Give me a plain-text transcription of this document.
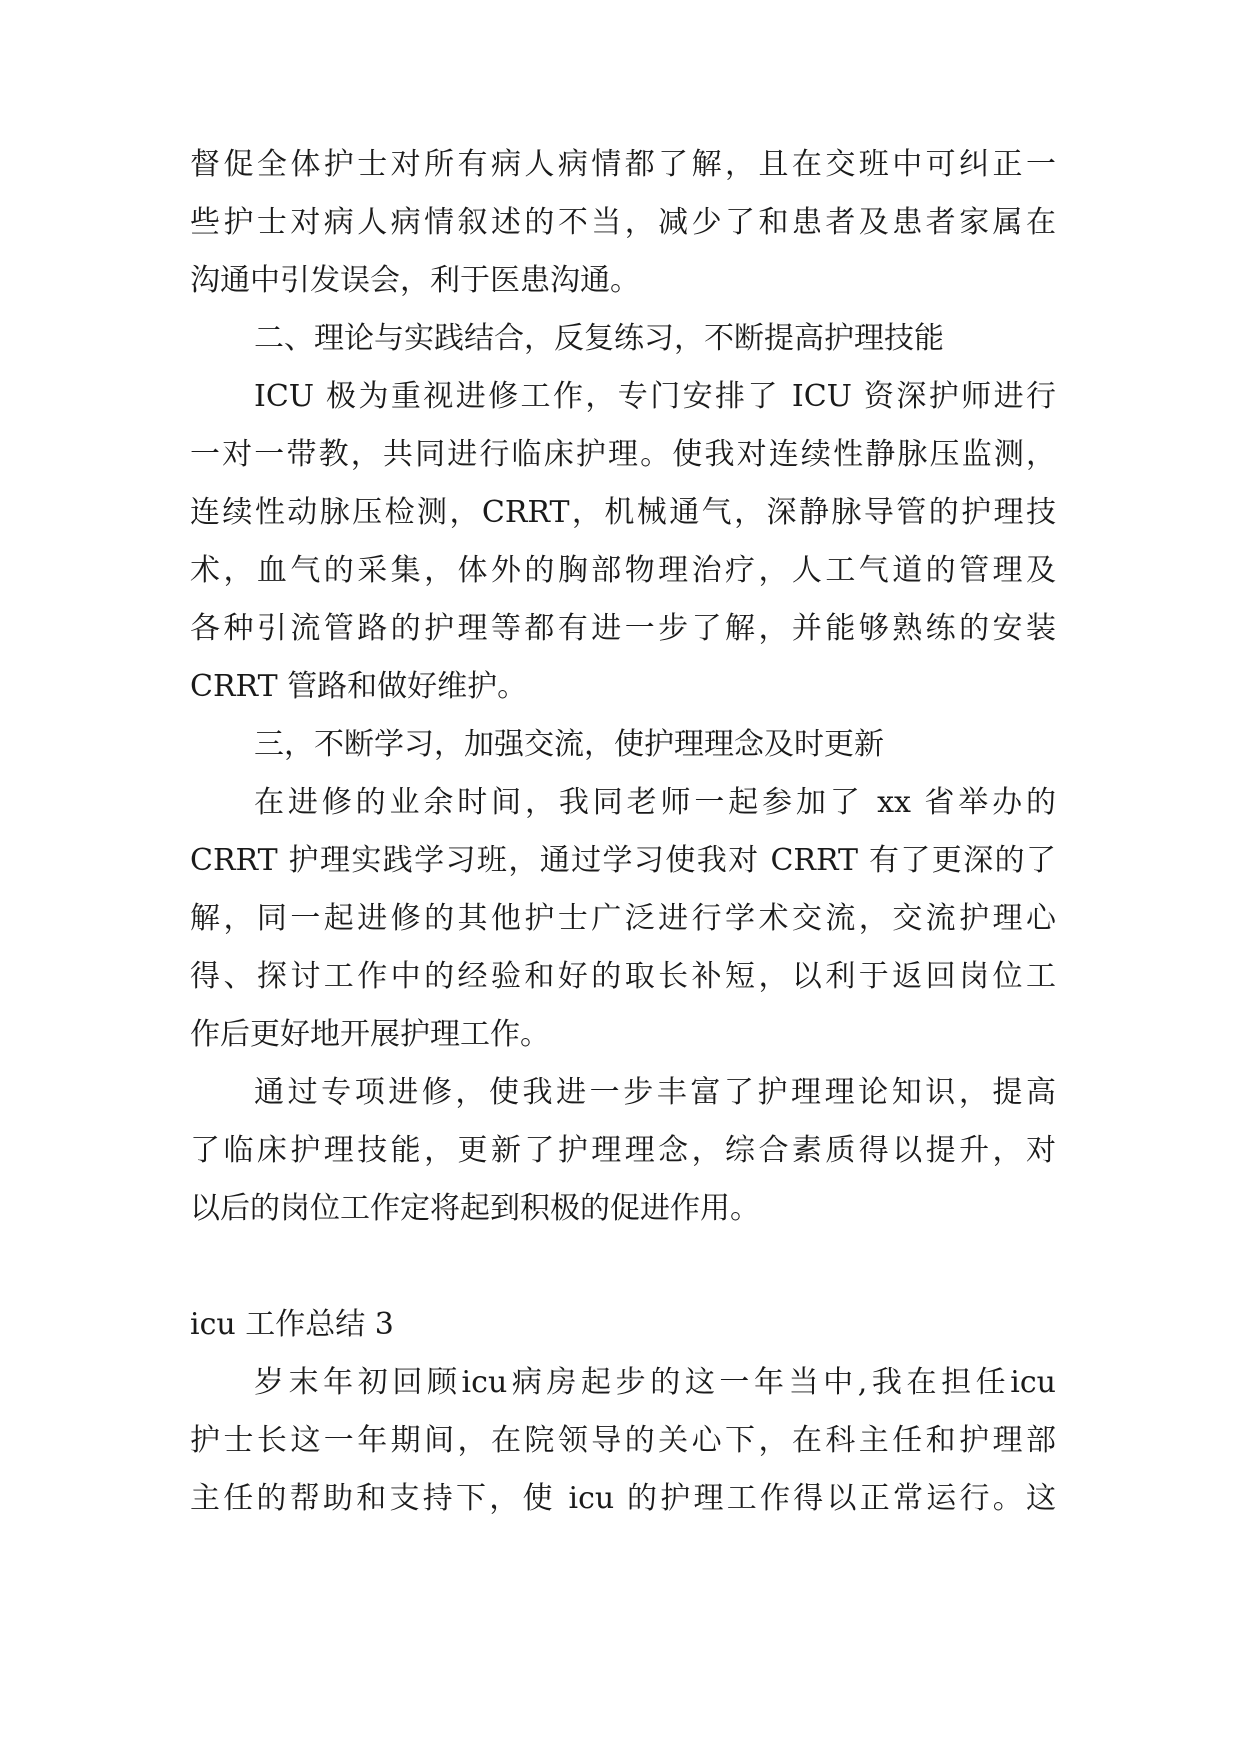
督促全体护士对所有病人病情都了解，且在交班中可纠正一
些护士对病人病情叙述的不当，减少了和患者及患者家属在
沟通中引发误会，利于医患沟通。
二、理论与实践结合，反复练习，不断提高护理技能
ICU 极为重视进修工作，专门安排了 ICU 资深护师进行
一对一带教，共同进行临床护理。使我对连续性静脉压监测，
连续性动脉压检测，CRRT，机械通气，深静脉导管的护理技
术，血气的采集，体外的胸部物理治疗，人工气道的管理及
各种引流管路的护理等都有进一步了解，并能够熟练的安装
CRRT 管路和做好维护。
三，不断学习，加强交流，使护理理念及时更新
在进修的业余时间，我同老师一起参加了 xx 省举办的
CRRT 护理实践学习班，通过学习使我对 CRRT 有了更深的了
解，同一起进修的其他护士广泛进行学术交流，交流护理心
得、探讨工作中的经验和好的取长补短，以利于返回岗位工
作后更好地开展护理工作。
通过专项进修，使我进一步丰富了护理理论知识，提高
了临床护理技能，更新了护理理念，综合素质得以提升，对
以后的岗位工作定将起到积极的促进作用。
icu 工作总结 3
岁末年初回顾icu病房起步的这一年当中,我在担任icu
护士长这一年期间，在院领导的关心下，在科主任和护理部
主任的帮助和支持下，使 icu 的护理工作得以正常运行。这
